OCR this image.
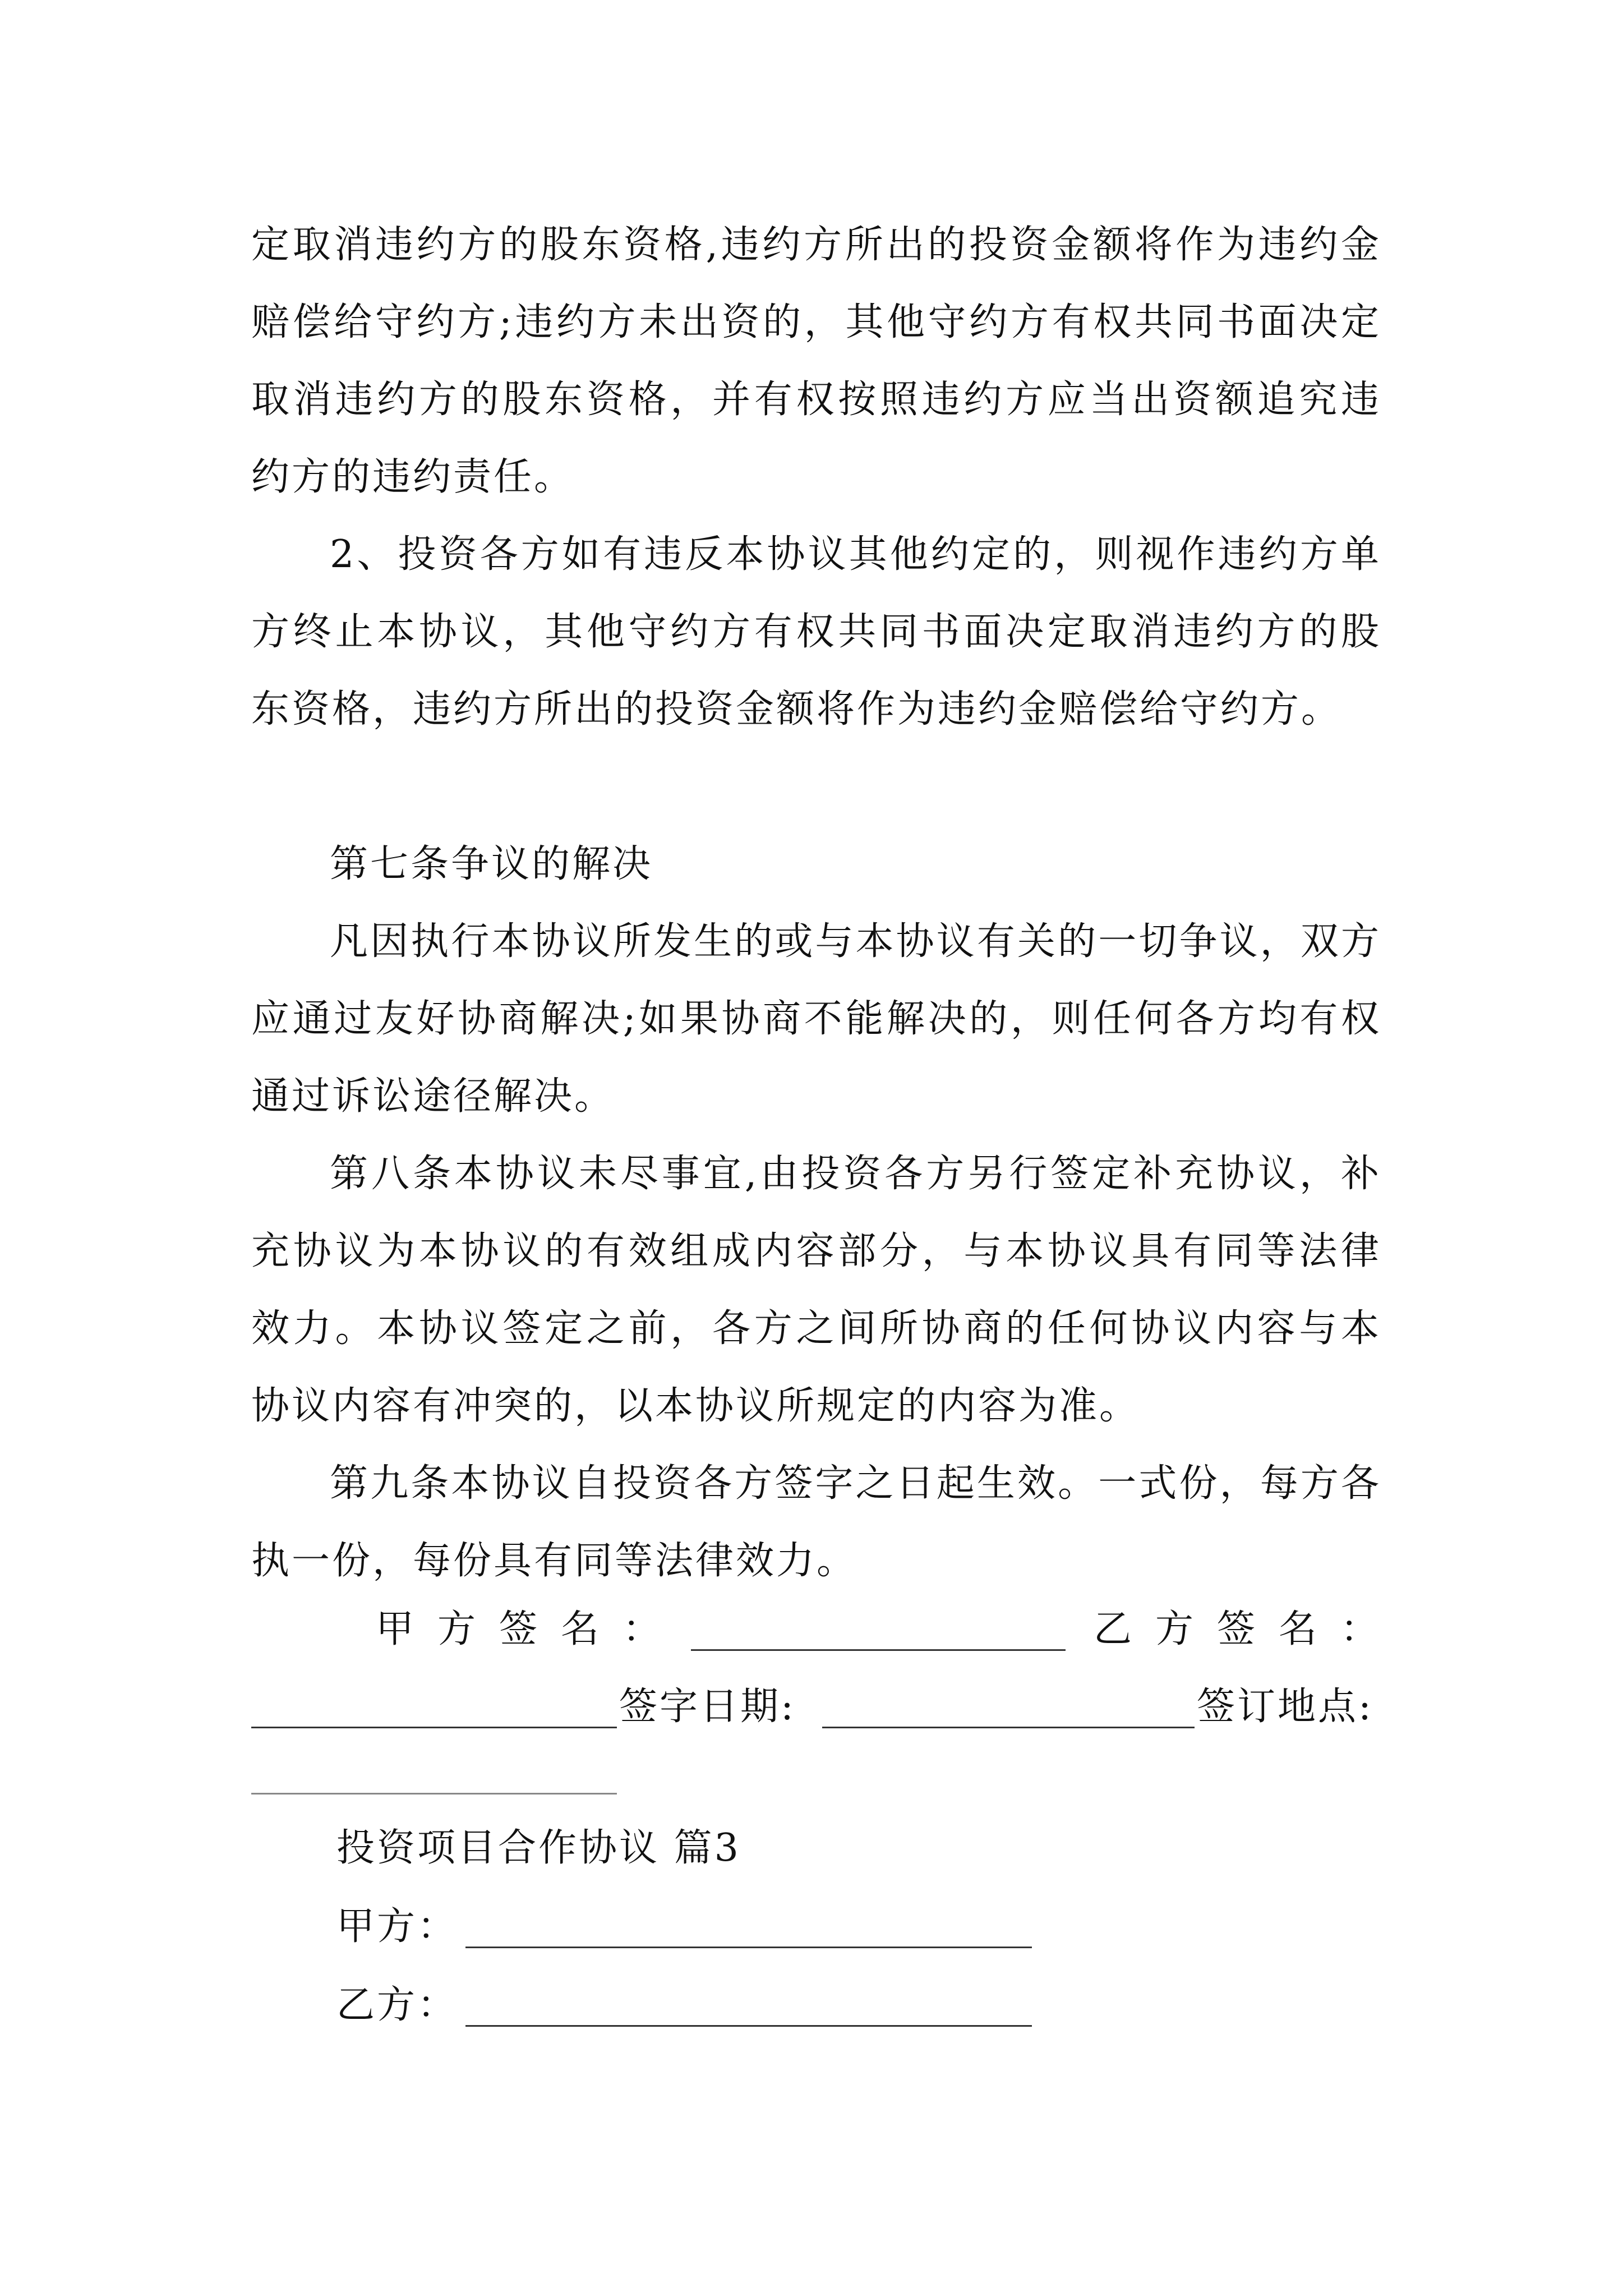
定取消违约方的股东资格,违约方所出的投资金额将作为违约金赔偿给守约方;违约方未出资的，其他守约方有权共同书面决定取消违约方的股东资格，并有权按照违约方应当出资额追究违约方的违约责任。

2、投资各方如有违反本协议其他约定的，则视作违约方单方终止本协议，其他守约方有权共同书面决定取消违约方的股东资格，违约方所出的投资金额将作为违约金赔偿给守约方。

第七条争议的解决

凡因执行本协议所发生的或与本协议有关的一切争议，双方应通过友好协商解决;如果协商不能解决的，则任何各方均有权通过诉讼途径解决。

第八条本协议未尽事宜,由投资各方另行签定补充协议，补充协议为本协议的有效组成内容部分，与本协议具有同等法律效力。本协议签定之前，各方之间所协商的任何协议内容与本协议内容有冲突的，以本协议所规定的内容为准。

第九条本协议自投资各方签字之日起生效。一式份，每方各执一份，每份具有同等法律效力。

甲方签名：	乙方签名：
签字日期:	签订地点:
投资项目合作协议 篇3
甲方：
乙方：
